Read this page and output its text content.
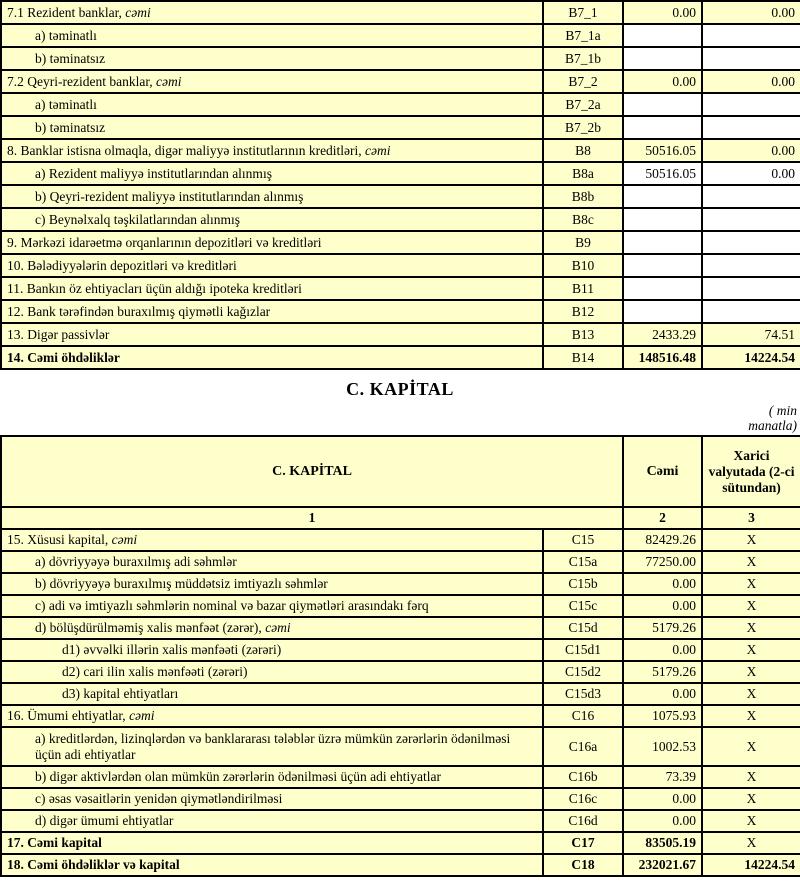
7.1 Rezident banklar, cəmi	B7_1	0.00	0.00
a) təminatlı	B7_1a		
b) təminatsız	B7_1b		
7.2 Qeyri-rezident banklar, cəmi	B7_2	0.00	0.00
a) təminatlı	B7_2a		
b) təminatsız	B7_2b		
8. Banklar istisna olmaqla, digər maliyyə institutlarının kreditləri, cəmi	B8	50516.05	0.00
a) Rezident maliyyə institutlarından alınmış	B8a	50516.05	0.00
b) Qeyri-rezident maliyyə institutlarından alınmış	B8b		
c) Beynəlxalq təşkilatlarından alınmış	B8c		
9. Mərkəzi idarəetmə orqanlarının depozitləri və kreditləri	B9		
10. Bələdiyyələrin depozitləri və kreditləri	B10		
11. Bankın öz ehtiyacları üçün aldığı ipoteka kreditləri	B11		
12. Bank tərəfindən buraxılmış qiymətli kağızlar	B12		
13. Digər passivlər	B13	2433.29	74.51
14. Cəmi öhdəliklər	B14	148516.48	14224.54
C. KAPİTAL
( min
manatla)
C. KAPİTAL		Cəmi	Xarici valyutada (2-ci sütundan)
1		2	3
15. Xüsusi kapital, cəmi	C15	82429.26	X
a) dövriyyəyə buraxılmış adi səhmlər	C15a	77250.00	X
b) dövriyyəyə buraxılmış müddətsiz imtiyazlı səhmlər	C15b	0.00	X
c) adi və imtiyazlı səhmlərin nominal və bazar qiymətləri arasındakı fərq	C15c	0.00	X
d) bölüşdürülməmiş xalis mənfəət (zərər), cəmi	C15d	5179.26	X
d1) əvvəlki illərin xalis mənfəəti (zərəri)	C15d1	0.00	X
d2) cari ilin xalis mənfəəti (zərəri)	C15d2	5179.26	X
d3) kapital ehtiyatları	C15d3	0.00	X
16. Ümumi ehtiyatlar, cəmi	C16	1075.93	X
a) kreditlərdən, lizinqlərdən və banklararası tələblər üzrə mümkün zərərlərin ödənilməsi üçün adi ehtiyatlar	C16a	1002.53	X
b) digər aktivlərdən olan mümkün zərərlərin ödənilməsi üçün adi ehtiyatlar	C16b	73.39	X
c) əsas vəsaitlərin yenidən qiymətləndirilməsi	C16c	0.00	X
d) digər ümumi ehtiyatlar	C16d	0.00	X
17. Cəmi kapital	C17	83505.19	X
18. Cəmi öhdəliklər və kapital	C18	232021.67	14224.54
